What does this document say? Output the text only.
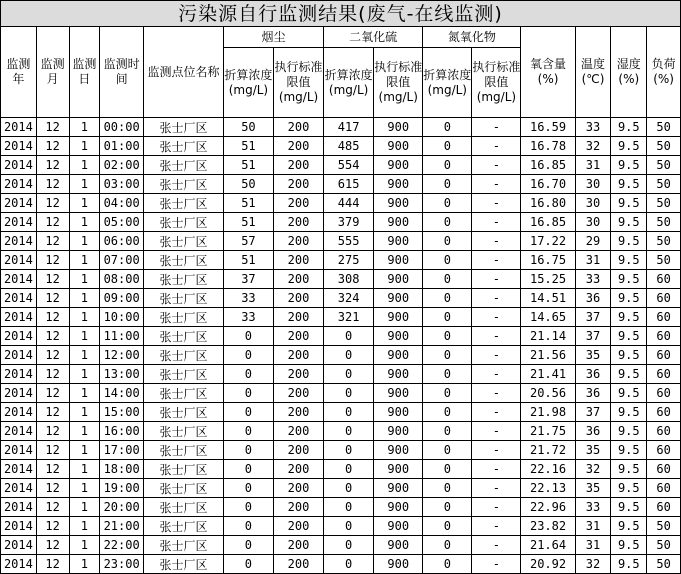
污染源自行监测结果(废气-在线监测)
监测年	监测月	监测日	监测时间	监测点位名称	烟尘		二氧化硫		氮氧化物		氧含量(%)	温度(℃)	湿度(%)	负荷(%)
					折算浓度(mg/L)	执行标准限值(mg/L)	折算浓度(mg/L)	执行标准限值(mg/L)	折算浓度(mg/L)	执行标准限值(mg/L)				
2014	12	1	00:00	张士厂区	50	200	417	900	0	-	16.59	33	9.5	50
2014	12	1	01:00	张士厂区	51	200	485	900	0	-	16.78	32	9.5	50
2014	12	1	02:00	张士厂区	51	200	554	900	0	-	16.85	31	9.5	50
2014	12	1	03:00	张士厂区	50	200	615	900	0	-	16.70	30	9.5	50
2014	12	1	04:00	张士厂区	51	200	444	900	0	-	16.80	30	9.5	50
2014	12	1	05:00	张士厂区	51	200	379	900	0	-	16.85	30	9.5	50
2014	12	1	06:00	张士厂区	57	200	555	900	0	-	17.22	29	9.5	50
2014	12	1	07:00	张士厂区	51	200	275	900	0	-	16.75	31	9.5	50
2014	12	1	08:00	张士厂区	37	200	308	900	0	-	15.25	33	9.5	60
2014	12	1	09:00	张士厂区	33	200	324	900	0	-	14.51	36	9.5	60
2014	12	1	10:00	张士厂区	33	200	321	900	0	-	14.65	37	9.5	60
2014	12	1	11:00	张士厂区	0	200	0	900	0	-	21.14	37	9.5	60
2014	12	1	12:00	张士厂区	0	200	0	900	0	-	21.56	35	9.5	60
2014	12	1	13:00	张士厂区	0	200	0	900	0	-	21.41	36	9.5	60
2014	12	1	14:00	张士厂区	0	200	0	900	0	-	20.56	36	9.5	60
2014	12	1	15:00	张士厂区	0	200	0	900	0	-	21.98	37	9.5	60
2014	12	1	16:00	张士厂区	0	200	0	900	0	-	21.75	36	9.5	60
2014	12	1	17:00	张士厂区	0	200	0	900	0	-	21.72	35	9.5	60
2014	12	1	18:00	张士厂区	0	200	0	900	0	-	22.16	32	9.5	60
2014	12	1	19:00	张士厂区	0	200	0	900	0	-	22.13	35	9.5	60
2014	12	1	20:00	张士厂区	0	200	0	900	0	-	22.96	33	9.5	60
2014	12	1	21:00	张士厂区	0	200	0	900	0	-	23.82	31	9.5	50
2014	12	1	22:00	张士厂区	0	200	0	900	0	-	21.64	31	9.5	50
2014	12	1	23:00	张士厂区	0	200	0	900	0	-	20.92	32	9.5	50
